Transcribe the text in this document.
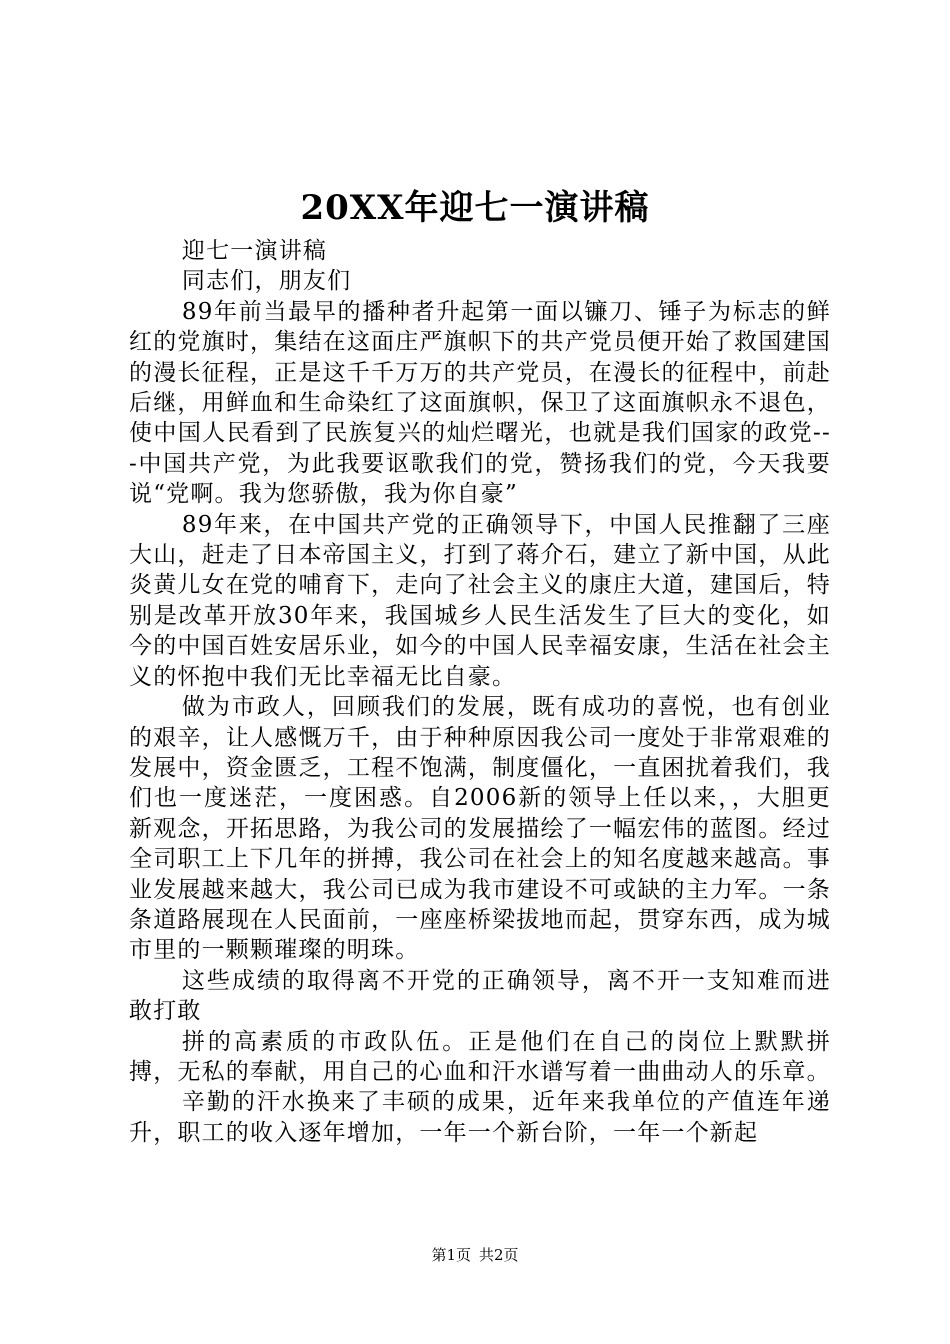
20XX年迎七一演讲稿

迎七一演讲稿

同志们，朋友们

89年前当最早的播种者升起第一面以镰刀、锤子为标志的鲜红的党旗时，集结在这面庄严旗帜下的共产党员便开始了救国建国的漫长征程，正是这千千万万的共产党员，在漫长的征程中，前赴后继，用鲜血和生命染红了这面旗帜，保卫了这面旗帜永不退色，使中国人民看到了民族复兴的灿烂曙光，也就是我们国家的政党---中国共产党，为此我要讴歌我们的党，赞扬我们的党，今天我要说“党啊。我为您骄傲，我为你自豪”

89年来，在中国共产党的正确领导下，中国人民推翻了三座大山，赶走了日本帝国主义，打到了蒋介石，建立了新中国，从此炎黄儿女在党的哺育下，走向了社会主义的康庄大道，建国后，特别是改革开放30年来，我国城乡人民生活发生了巨大的变化，如今的中国百姓安居乐业，如今的中国人民幸福安康，生活在社会主义的怀抱中我们无比幸福无比自豪。

做为市政人，回顾我们的发展，既有成功的喜悦，也有创业的艰辛，让人感慨万千，由于种种原因我公司一度处于非常艰难的发展中，资金匮乏，工程不饱满，制度僵化，一直困扰着我们，我们也一度迷茫，一度困惑。自2006新的领导上任以来，，大胆更新观念，开拓思路，为我公司的发展描绘了一幅宏伟的蓝图。经过全司职工上下几年的拼搏，我公司在社会上的知名度越来越高。事业发展越来越大，我公司已成为我市建设不可或缺的主力军。一条条道路展现在人民面前，一座座桥梁拔地而起，贯穿东西，成为城市里的一颗颗璀璨的明珠。

这些成绩的取得离不开党的正确领导，离不开一支知难而进敢打敢

拼的高素质的市政队伍。正是他们在自己的岗位上默默拼搏，无私的奉献，用自己的心血和汗水谱写着一曲曲动人的乐章。

辛勤的汗水换来了丰硕的成果，近年来我单位的产值连年递升，职工的收入逐年增加，一年一个新台阶，一年一个新起

第1页 共2页
